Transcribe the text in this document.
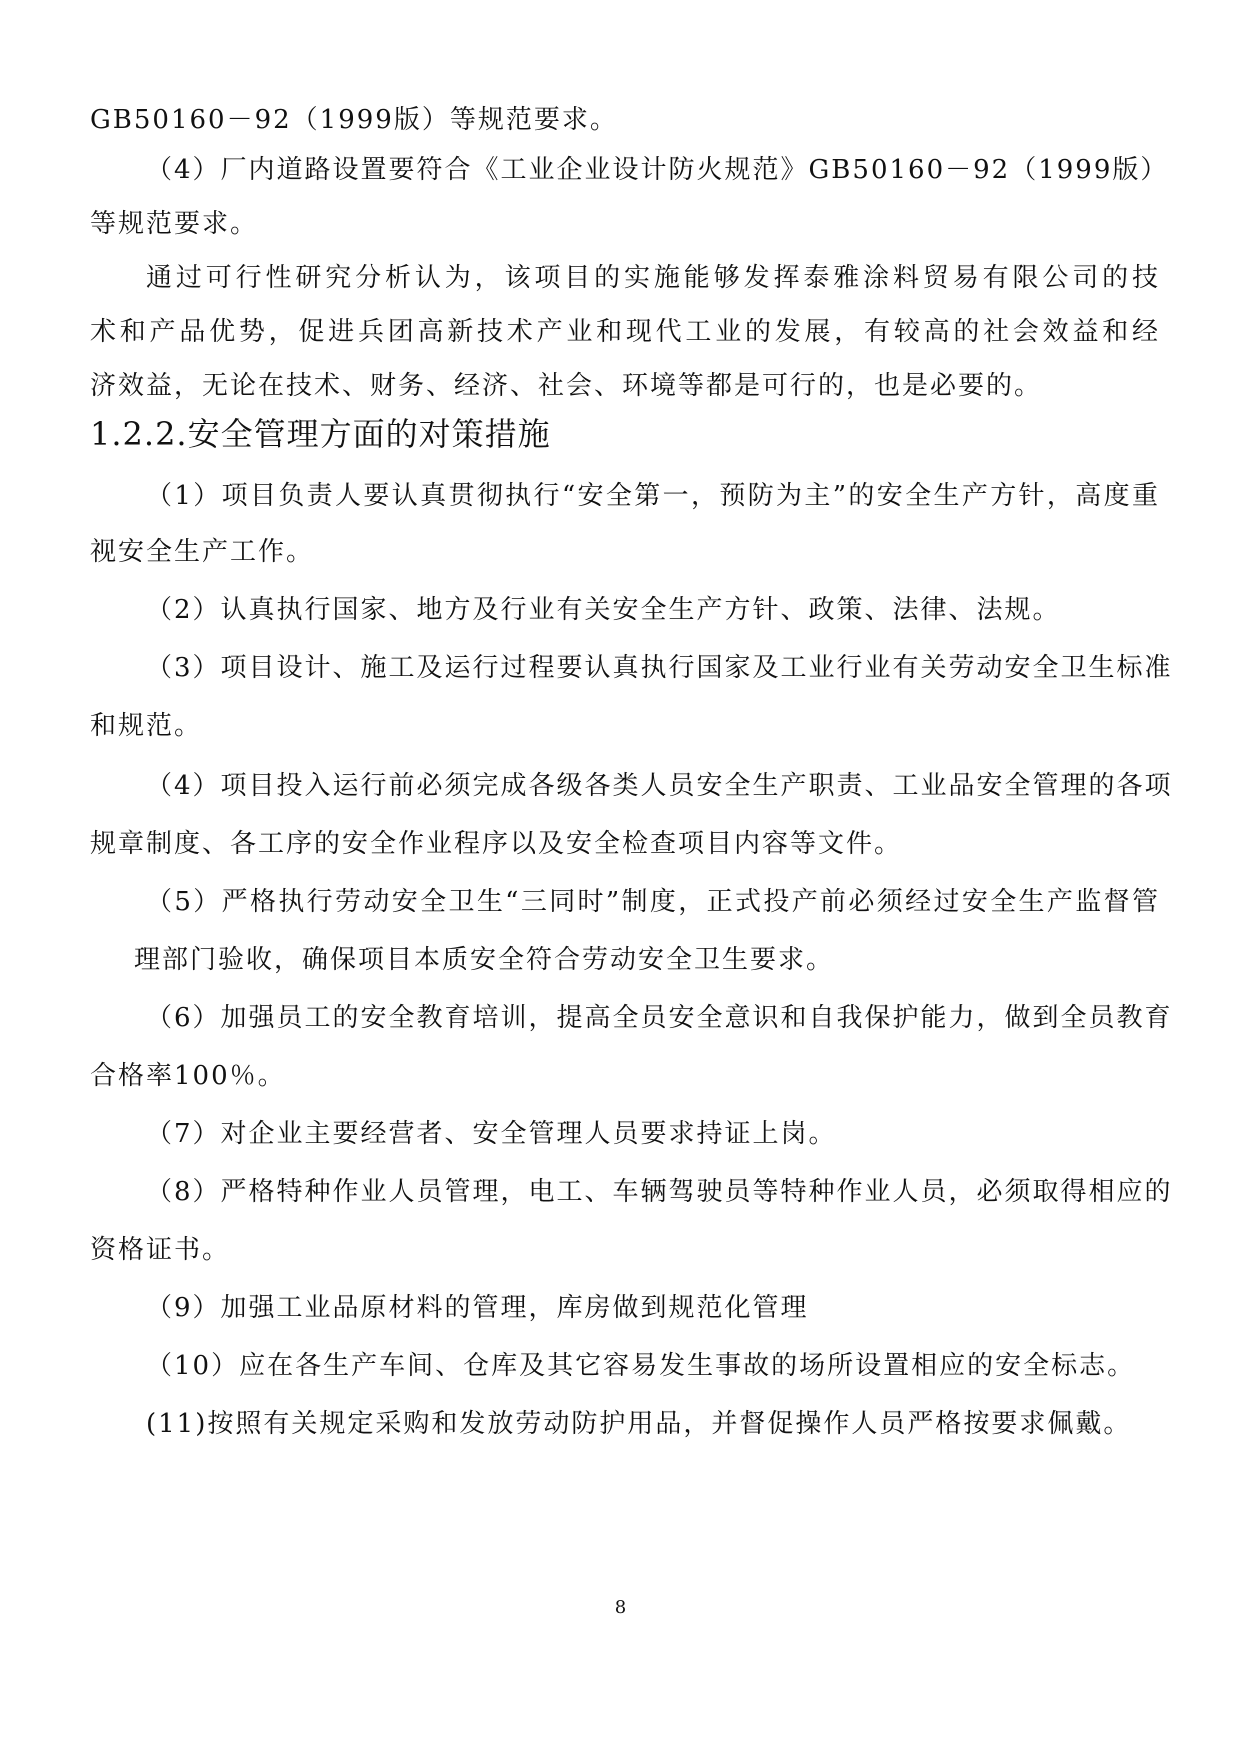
GB50160－92（1999版）等规范要求。
（4）厂内道路设置要符合《工业企业设计防火规范》GB50160－92（1999版）
等规范要求。
通过可行性研究分析认为，该项目的实施能够发挥泰雅涂料贸易有限公司的技
术和产品优势，促进兵团高新技术产业和现代工业的发展，有较高的社会效益和经
济效益，无论在技术、财务、经济、社会、环境等都是可行的，也是必要的。
1.2.2.安全管理方面的对策措施
（1）项目负责人要认真贯彻执行“安全第一，预防为主”的安全生产方针，高度重
视安全生产工作。
（2）认真执行国家、地方及行业有关安全生产方针、政策、法律、法规。
（3）项目设计、施工及运行过程要认真执行国家及工业行业有关劳动安全卫生标准
和规范。
（4）项目投入运行前必须完成各级各类人员安全生产职责、工业品安全管理的各项
规章制度、各工序的安全作业程序以及安全检查项目内容等文件。
（5）严格执行劳动安全卫生“三同时”制度，正式投产前必须经过安全生产监督管
理部门验收，确保项目本质安全符合劳动安全卫生要求。
（6）加强员工的安全教育培训，提高全员安全意识和自我保护能力，做到全员教育
合格率100％。
（7）对企业主要经营者、安全管理人员要求持证上岗。
（8）严格特种作业人员管理，电工、车辆驾驶员等特种作业人员，必须取得相应的
资格证书。
（9）加强工业品原材料的管理，库房做到规范化管理
（10）应在各生产车间、仓库及其它容易发生事故的场所设置相应的安全标志。
(11)按照有关规定采购和发放劳动防护用品，并督促操作人员严格按要求佩戴。
8
